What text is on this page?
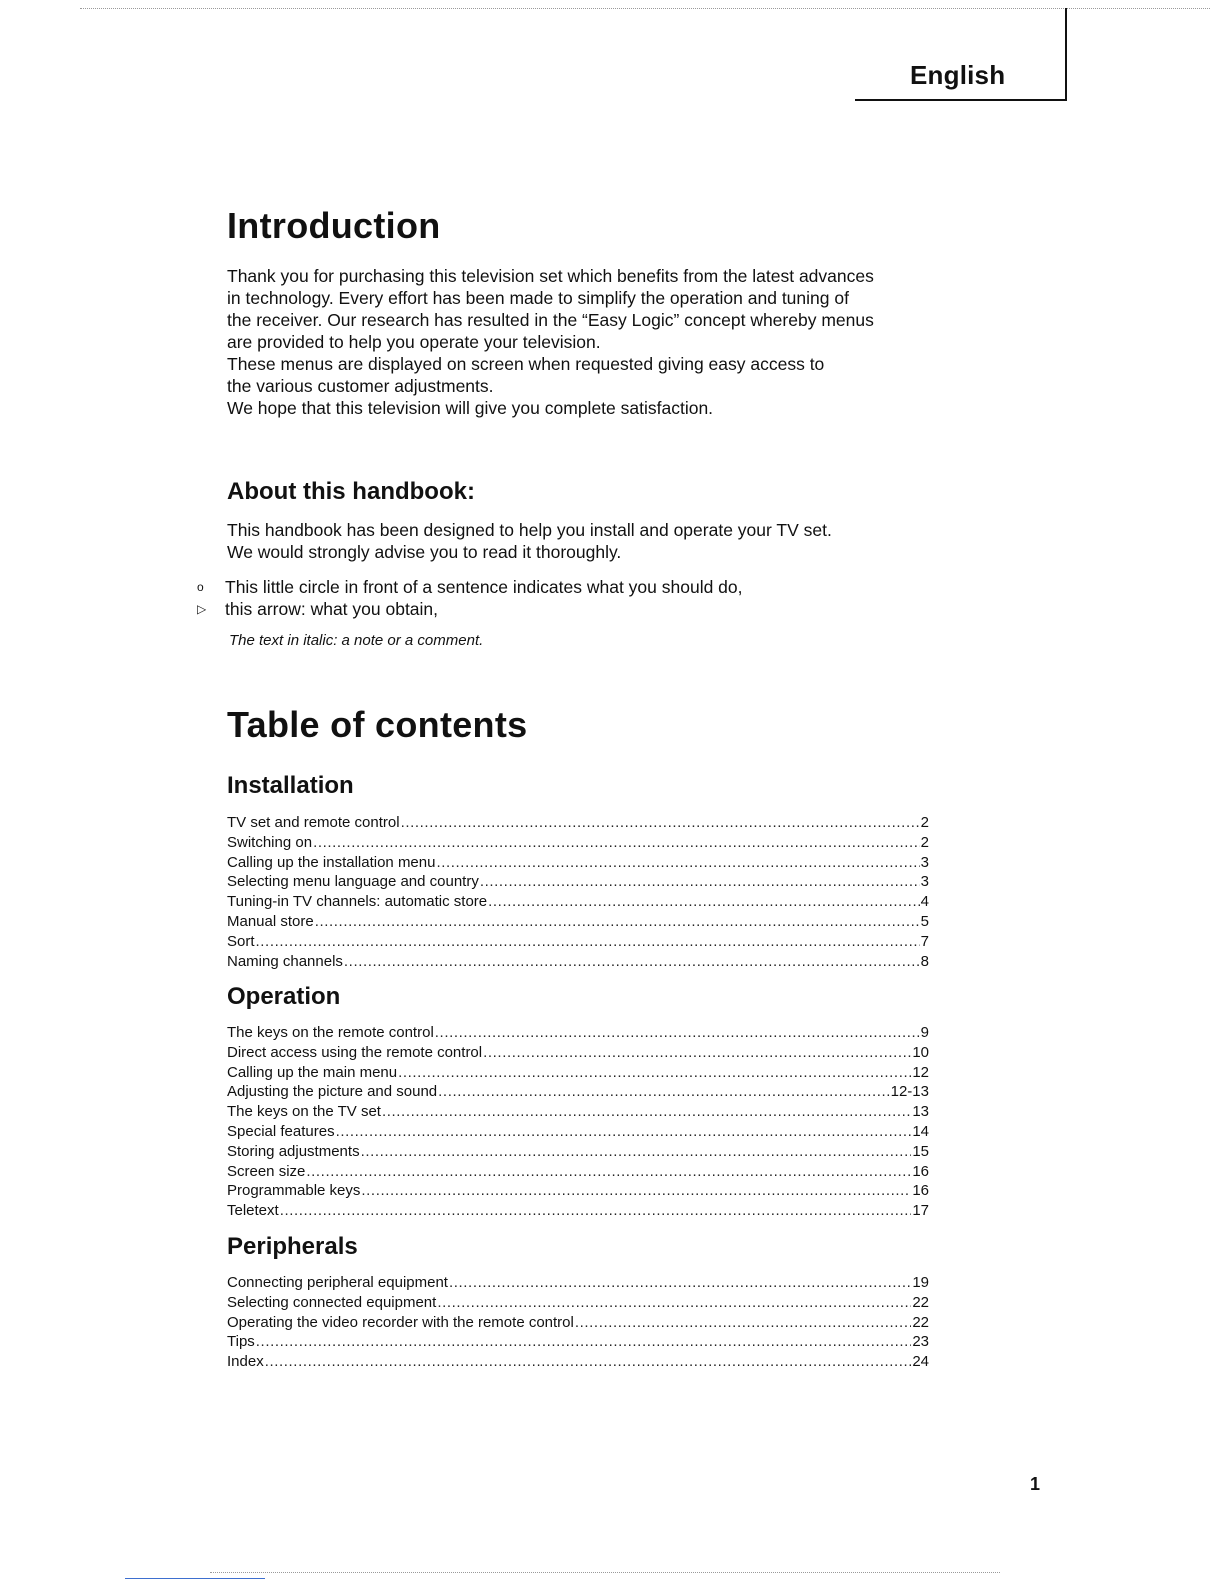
English
Introduction

Thank you for purchasing this television set which benefits from the latest advances
in technology. Every effort has been made to simplify the operation and tuning of
the receiver. Our research has resulted in the “Easy Logic” concept whereby menus
are provided to help you operate your television.
These menus are displayed on screen when requested giving easy access to
the various customer adjustments.
We hope that this television will give you complete satisfaction.

About this handbook:

This handbook has been designed to help you install and operate your TV set.
We would strongly advise you to read it thoroughly.

o This little circle in front of a sentence indicates what you should do,
▷ this arrow: what you obtain,
The text in italic: a note or a comment.
Table of contents
Installation
TV set and remote control .....	2
Switching on .....	2
Calling up the installation menu .....	3
Selecting menu language and country .....	3
Tuning-in TV channels: automatic store .....	4
Manual store .....	5
Sort .....	7
Naming channels .....	8
Operation
The keys on the remote control .....	9
Direct access using the remote control .....	10
Calling up the main menu .....	12
Adjusting the picture and sound .....	12-13
The keys on the TV set .....	13
Special features .....	14
Storing adjustments .....	15
Screen size .....	16
Programmable keys .....	16
Teletext .....	17
Peripherals
Connecting peripheral equipment .....	19
Selecting connected equipment .....	22
Operating the video recorder with the remote control .....	22
Tips .....	23
Index .....	24
1
